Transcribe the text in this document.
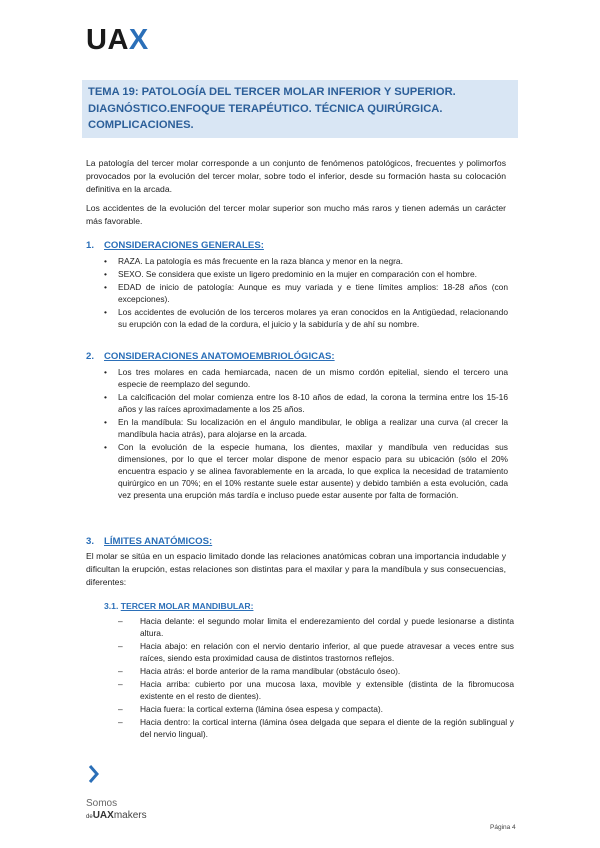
UAX
TEMA 19: PATOLOGÍA DEL TERCER MOLAR INFERIOR Y SUPERIOR. DIAGNÓSTICO.ENFOQUE TERAPÉUTICO. TÉCNICA QUIRÚRGICA. COMPLICACIONES.

La patología del tercer molar corresponde a un conjunto de fenómenos patológicos, frecuentes y polimorfos provocados por la evolución del tercer molar, sobre todo el inferior, desde su formación hasta su colocación definitiva en la arcada.

Los accidentes de la evolución del tercer molar superior son mucho más raros y tienen además un carácter más favorable.

1. CONSIDERACIONES GENERALES:
• RAZA. La patología es más frecuente en la raza blanca y menor en la negra.
• SEXO. Se considera que existe un ligero predominio en la mujer en comparación con el hombre.
• EDAD de inicio de patología: Aunque es muy variada y e tiene límites amplios: 18-28 años (con excepciones).
• Los accidentes de evolución de los terceros molares ya eran conocidos en la Antigüedad, relacionando su erupción con la edad de la cordura, el juicio y la sabiduría y de ahí su nombre.
2. CONSIDERACIONES ANATOMOEMBRIOLÓGICAS:
• Los tres molares en cada hemiarcada, nacen de un mismo cordón epitelial, siendo el tercero una especie de reemplazo del segundo.
• La calcificación del molar comienza entre los 8-10 años de edad, la corona la termina entre los 15-16 años y las raíces aproximadamente a los 25 años.
• En la mandíbula: Su localización en el ángulo mandibular, le obliga a realizar una curva (al crecer la mandíbula hacia atrás), para alojarse en la arcada.
• Con la evolución de la especie humana, los dientes, maxilar y mandíbula ven reducidas sus dimensiones, por lo que el tercer molar dispone de menor espacio para su ubicación (sólo el 20% encuentra espacio y se alinea favorablemente en la arcada, lo que explica la necesidad de tratamiento quirúrgico en un 70%; en el 10% restante suele estar ausente) y debido también a esta evolución, cada vez presenta una erupción más tardía e incluso puede estar ausente por falta de formación.
3. LÍMITES ANATÓMICOS:

El molar se sitúa en un espacio limitado donde las relaciones anatómicas cobran una importancia indudable y dificultan la erupción, estas relaciones son distintas para el maxilar y para la mandíbula y sus consecuencias, diferentes:

3.1. TERCER MOLAR MANDIBULAR:
– Hacia delante: el segundo molar limita el enderezamiento del cordal y puede lesionarse a distinta altura.
– Hacia abajo: en relación con el nervio dentario inferior, al que puede atravesar a veces entre sus raíces, siendo esta proximidad causa de distintos trastornos reflejos.
– Hacia atrás: el borde anterior de la rama mandibular (obstáculo óseo).
– Hacia arriba: cubierto por una mucosa laxa, movible y extensible (distinta de la fibromucosa existente en el resto de dientes).
– Hacia fuera: la cortical externa (lámina ósea espesa y compacta).
– Hacia dentro: la cortical interna (lámina ósea delgada que separa el diente de la región sublingual y del nervio lingual).
Somos
deUAXmakers
Página 4
